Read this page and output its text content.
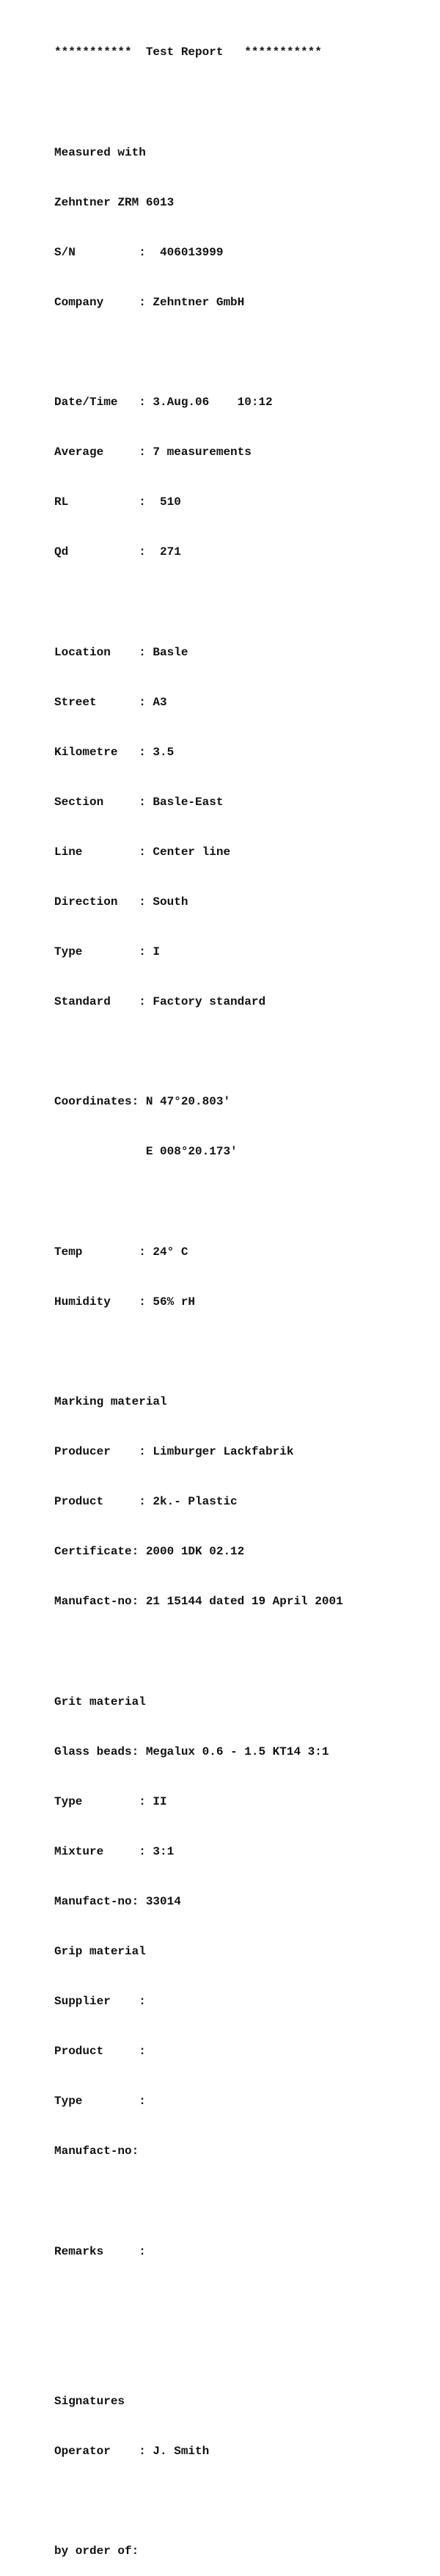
***********  Test Report   ***********

Measured with

Zehntner ZRM 6013

S/N         :  406013999

Company     : Zehntner GmbH

Date/Time   : 3.Aug.06    10:12

Average     : 7 measurements

RL          :  510

Qd          :  271

Location    : Basle

Street      : A3

Kilometre   : 3.5

Section     : Basle-East

Line        : Center line

Direction   : South

Type        : I

Standard    : Factory standard

Coordinates: N 47°20.803'

E 008°20.173'

Temp        : 24° C

Humidity    : 56% rH

Marking material

Producer    : Limburger Lackfabrik

Product     : 2k.- Plastic

Certificate: 2000 1DK 02.12

Manufact-no: 21 15144 dated 19 April 2001

Grit material

Glass beads: Megalux 0.6 - 1.5 KT14 3:1

Type        : II

Mixture     : 3:1

Manufact-no: 33014

Grip material

Supplier    :

Product     :

Type        :

Manufact-no:

Remarks     :

Signatures

Operator    : J. Smith

by order of:
